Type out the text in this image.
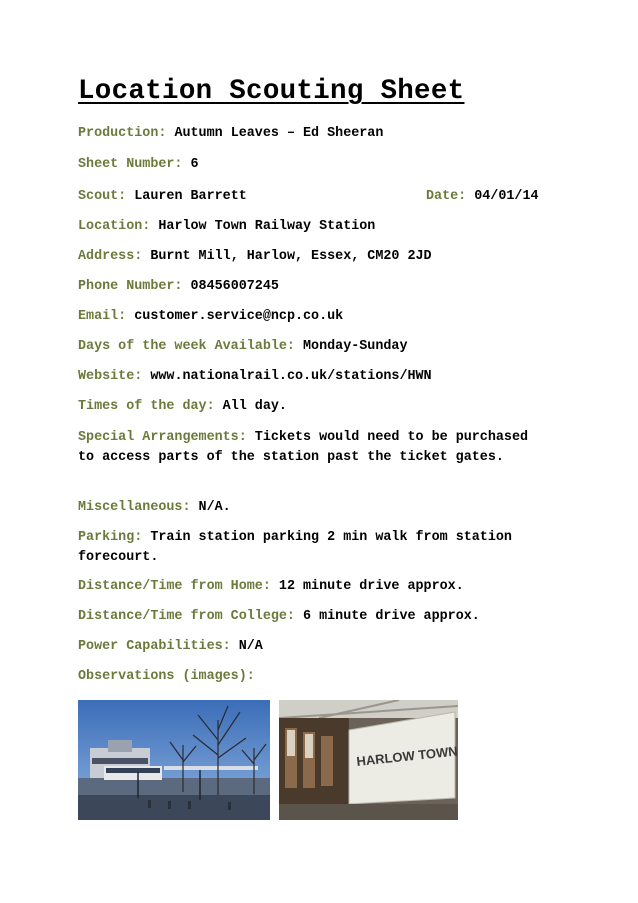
Location Scouting Sheet
Production: Autumn Leaves – Ed Sheeran
Sheet Number: 6
Scout: Lauren Barrett	Date: 04/01/14
Location: Harlow Town Railway Station
Address: Burnt Mill, Harlow, Essex, CM20 2JD
Phone Number: 08456007245
Email: customer.service@ncp.co.uk
Days of the week Available: Monday-Sunday
Website: www.nationalrail.co.uk/stations/HWN
Times of the day: All day.
Special Arrangements: Tickets would need to be purchased to access parts of the station past the ticket gates.
Miscellaneous: N/A.
Parking: Train station parking 2 min walk from station forecourt.
Distance/Time from Home: 12 minute drive approx.
Distance/Time from College: 6 minute drive approx.
Power Capabilities: N/A
Observations (images):
HARLOW TOWN
